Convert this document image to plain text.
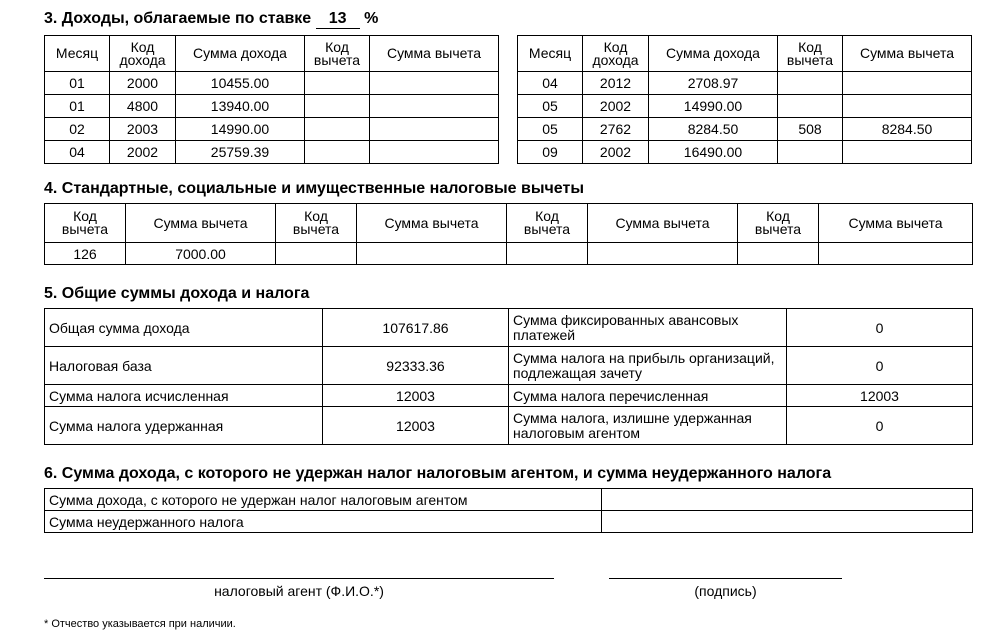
3. Доходы, облагаемые по ставке 13 %
Месяц	Код дохода	Сумма дохода	Код вычета	Сумма вычета
01	2000	10455.00		
01	4800	13940.00		
02	2003	14990.00		
04	2002	25759.39		
Месяц	Код дохода	Сумма дохода	Код вычета	Сумма вычета
04	2012	2708.97		
05	2002	14990.00		
05	2762	8284.50	508	8284.50
09	2002	16490.00		
4. Стандартные, социальные и имущественные налоговые вычеты
Код вычета	Сумма вычета	Код вычета	Сумма вычета	Код вычета	Сумма вычета	Код вычета	Сумма вычета
126	7000.00						
5. Общие суммы дохода и налога
Общая сумма дохода	107617.86	Сумма фиксированных авансовых платежей	0
Налоговая база	92333.36	Сумма налога на прибыль организаций, подлежащая зачету	0
Сумма налога исчисленная	12003	Сумма налога перечисленная	12003
Сумма налога удержанная	12003	Сумма налога, излишне удержанная налоговым агентом	0
6. Сумма дохода, с которого не удержан налог налоговым агентом, и сумма неудержанного налога
Сумма дохода, с которого не удержан налог налоговым агентом	
Сумма неудержанного налога	
налоговый агент (Ф.И.О.*)	(подпись)
* Отчество указывается при наличии.
